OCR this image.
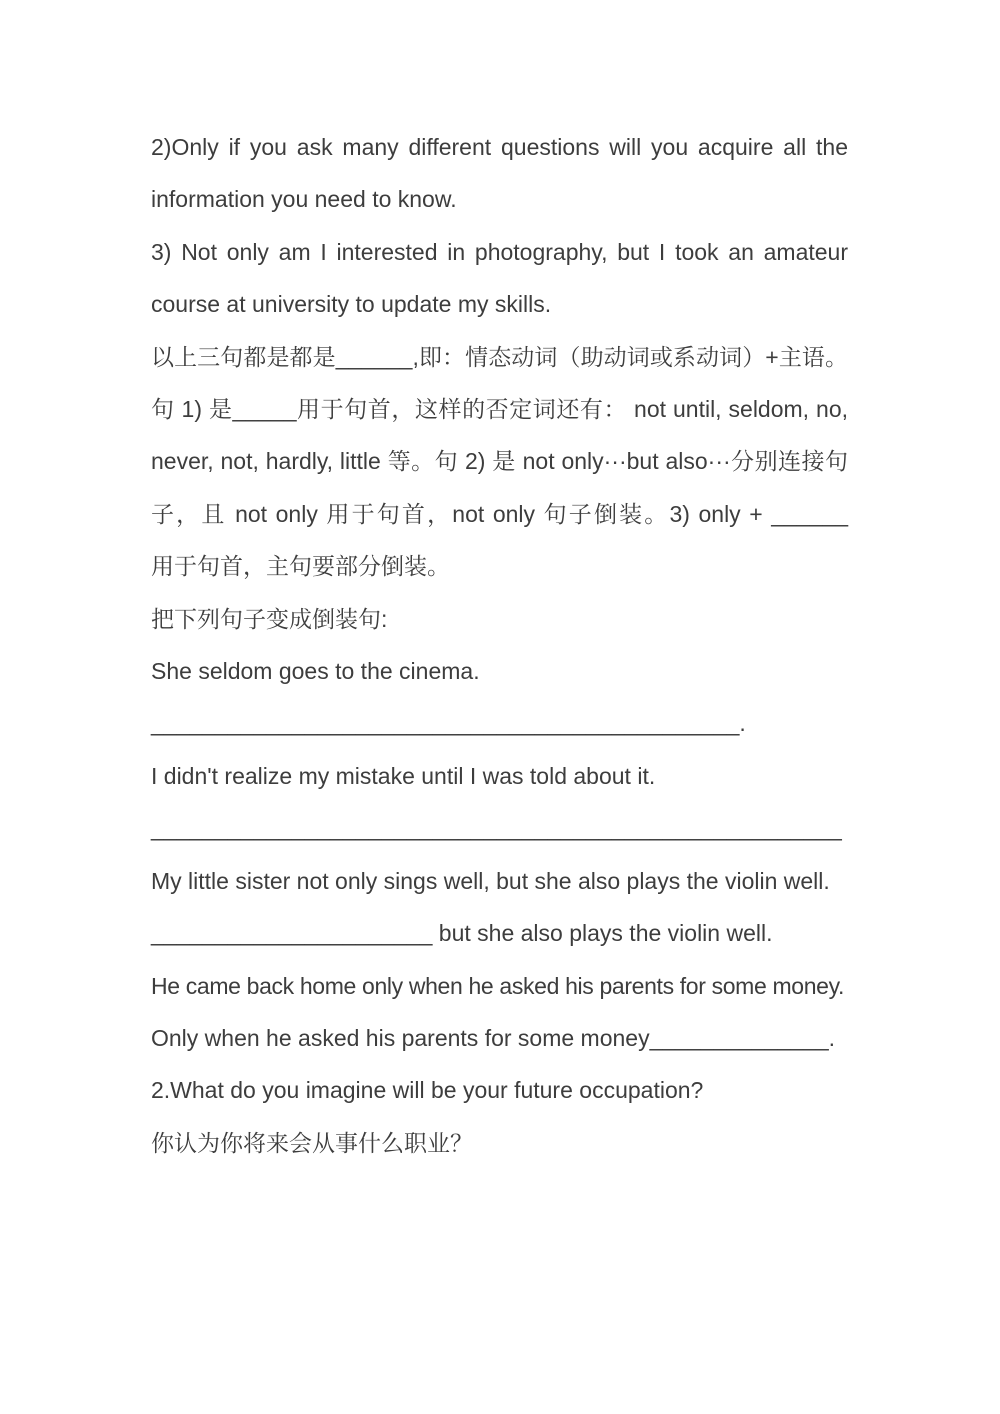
2)Only if you ask many different questions will you acquire all the
information you need to know.
3) Not only am I interested in photography, but I took an amateur
course at university to update my skills.
以上三句都是都是______,即：情态动词（助动词或系动词）+主语。
句 1) 是_____用于句首，这样的否定词还有： not until, seldom, no,
never, not, hardly, little 等。句 2) 是 not only···but also···分别连接句
子，且 not only 用于句首，not only 句子倒装。3) only + ______
用于句首，主句要部分倒装。
把下列句子变成倒装句:
She seldom goes to the cinema.
______________________________________________.
I didn't realize my mistake until I was told about it.
______________________________________________________
My little sister not only sings well, but she also plays the violin well.
______________________ but she also plays the violin well.
He came back home only when he asked his parents for some money.
Only when he asked his parents for some money______________.
2.What do you imagine will be your future occupation?
你认为你将来会从事什么职业？
